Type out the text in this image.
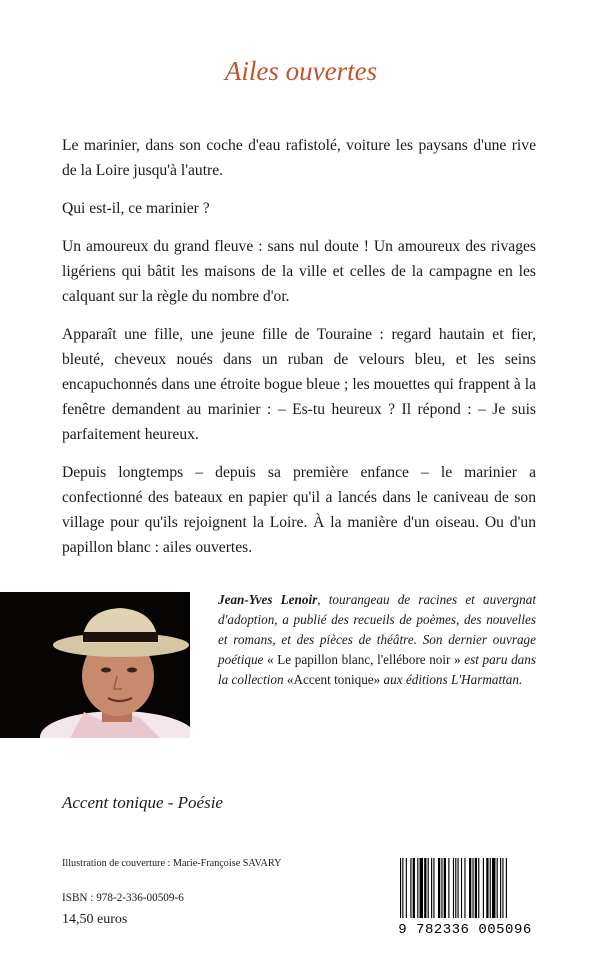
Ailes ouvertes

Le marinier, dans son coche d'eau rafistolé, voiture les paysans d'une rive de la Loire jusqu'à l'autre.

Qui est-il, ce marinier ?

Un amoureux du grand fleuve : sans nul doute ! Un amoureux des rivages ligériens qui bâtit les maisons de la ville et celles de la campagne en les calquant sur la règle du nombre d'or.

Apparaît une fille, une jeune fille de Touraine : regard hautain et fier, bleuté, cheveux noués dans un ruban de velours bleu, et les seins encapuchonnés dans une étroite bogue bleue ; les mouettes qui frappent à la fenêtre demandent au marinier : – Es-tu heureux ? Il répond : – Je suis parfaitement heureux.

Depuis longtemps – depuis sa première enfance – le marinier a confectionné des bateaux en papier qu'il a lancés dans le caniveau de son village pour qu'ils rejoignent la Loire. À la manière d'un oiseau. Ou d'un papillon blanc : ailes ouvertes.

Jean-Yves Lenoir, tourangeau de racines et auvergnat d'adoption, a publié des recueils de poèmes, des nouvelles et romans, et des pièces de théâtre. Son dernier ouvrage poétique « Le papillon blanc, l'ellébore noir » est paru dans la collection «Accent tonique» aux éditions L'Harmattan.
Accent tonique - Poésie
Illustration de couverture : Marie-Françoise SAVARY
ISBN : 978-2-336-00509-6
14,50 euros
9 782336 005096
